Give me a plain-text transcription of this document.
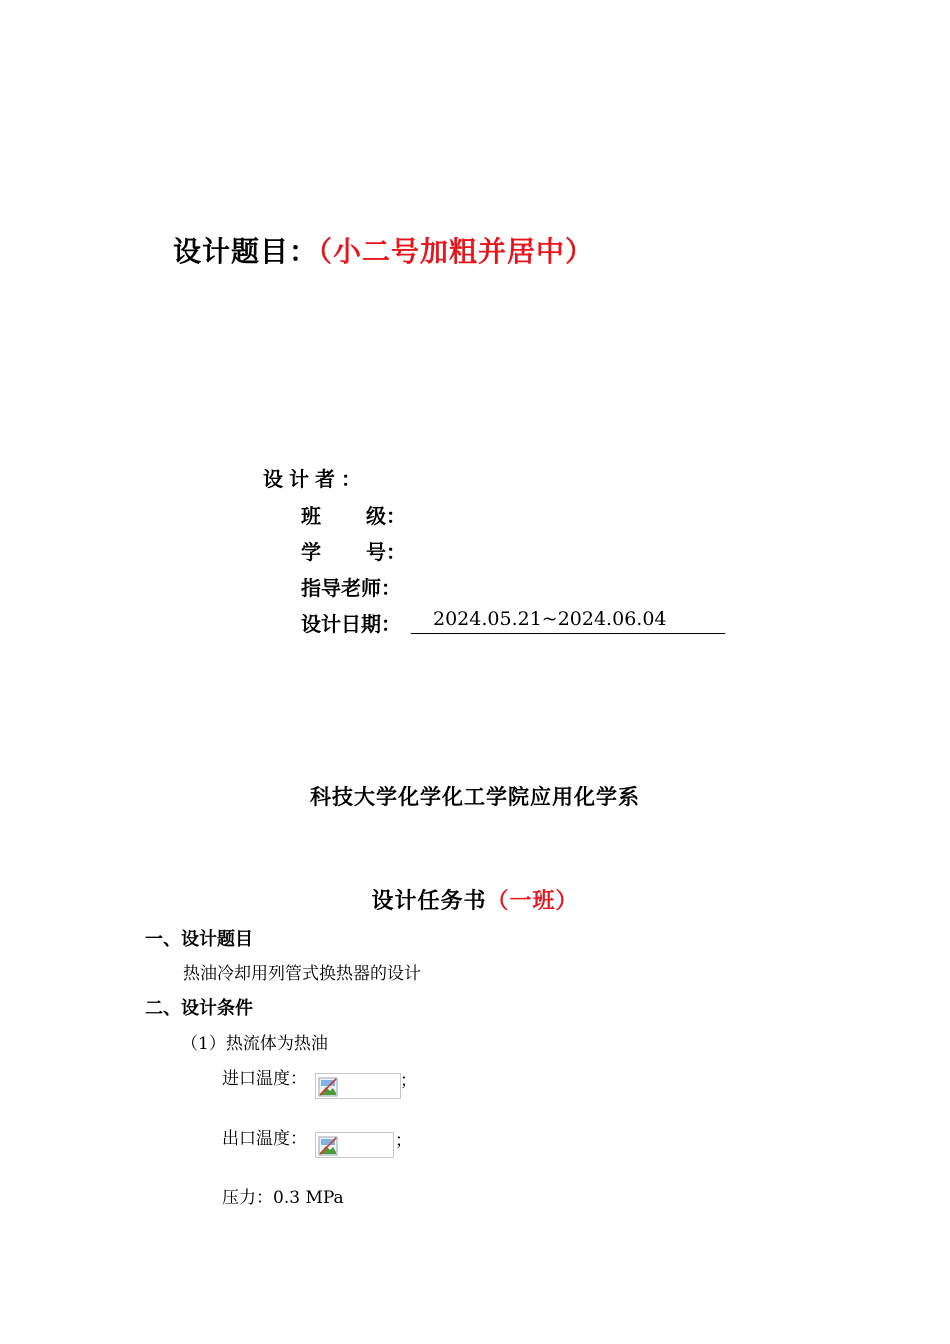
设计题目：（小二号加粗并居中）
设计者：
班 级：
学 号：
指导老师：
设计日期：	2024.05.21~2024.06.04
科技大学化学化工学院应用化学系
设计任务书（一班）
一、设计题目
热油冷却用列管式换热器的设计
二、设计条件
（1）热流体为热油
进口温度：	；
出口温度：	；
压力：0.3 MPa
